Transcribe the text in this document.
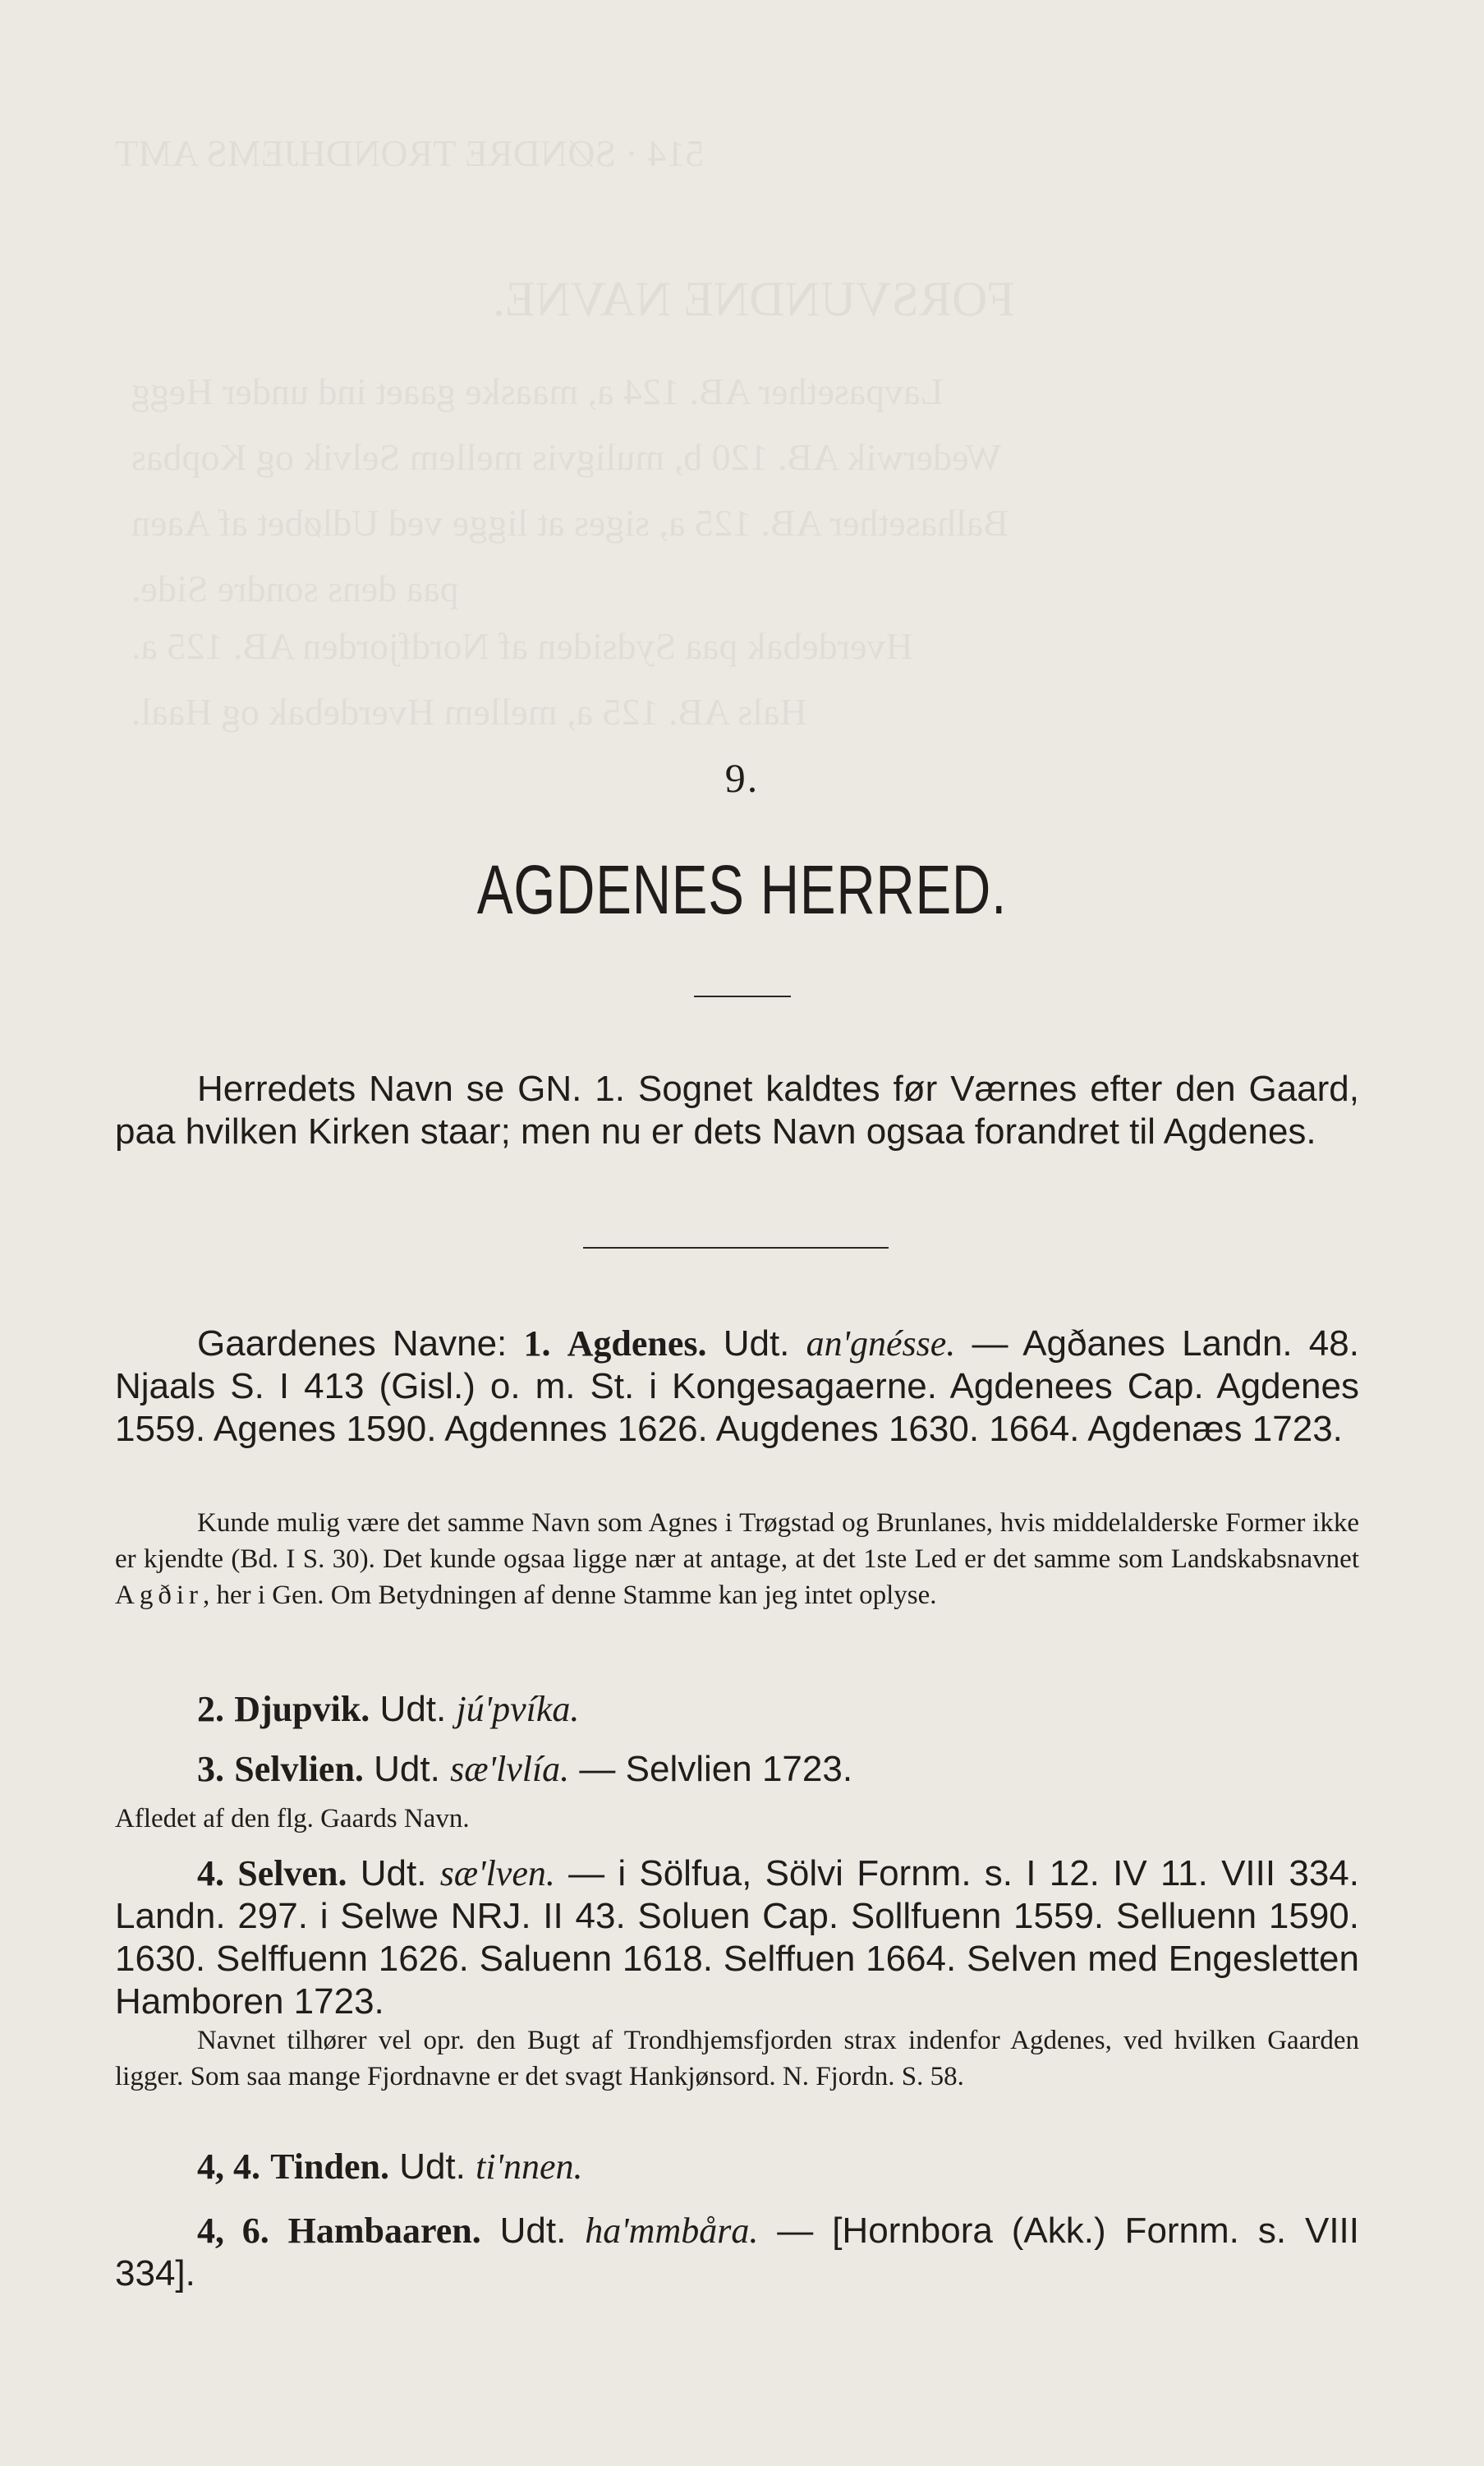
514 · SØNDRE TRONDHJEMS AMT
FORSVUNDNE NAVNE.
Lavpasether AB. 124 a, maaske gaaet ind under Hegg
Wederwik AB. 120 b, muligvis mellem Selvik og Kopbas
Balhasether AB. 125 a, siges at ligge ved Udløbet af Aaen
paa dens sondre Side.
Hverdebak paa Sydsiden af Nordfjorden AB. 125 a.
Hals AB. 125 a, mellem Hverdebak og Haal.
9.
AGDENES HERRED.
Herredets Navn se GN. 1. Sognet kaldtes før Værnes efter den Gaard, paa hvilken Kirken staar; men nu er dets Navn ogsaa forandret til Agdenes.
Gaardenes Navne: 1. Agdenes. Udt. an'gnésse. — Agðanes Landn. 48. Njaals S. I 413 (Gisl.) o. m. St. i Kongesagaerne. Agdenees Cap. Agdenes 1559. Agenes 1590. Agdennes 1626. Augdenes 1630. 1664. Agdenæs 1723.
Kunde mulig være det samme Navn som Agnes i Trøgstad og Brunlanes, hvis middelalderske Former ikke er kjendte (Bd. I S. 30). Det kunde ogsaa ligge nær at antage, at det 1ste Led er det samme som Landskabsnavnet Agðir, her i Gen. Om Betydningen af denne Stamme kan jeg intet oplyse.
2. Djupvik. Udt. jú'pvíka.
3. Selvlien. Udt. sæ'lvlía. — Selvlien 1723.
Afledet af den flg. Gaards Navn.
4. Selven. Udt. sæ'lven. — i Sölfua, Sölvi Fornm. s. I 12. IV 11. VIII 334. Landn. 297. i Selwe NRJ. II 43. Soluen Cap. Sollfuenn 1559. Selluenn 1590. 1630. Selffuenn 1626. Saluenn 1618. Selffuen 1664. Selven med Engesletten Hamboren 1723.
Navnet tilhører vel opr. den Bugt af Trondhjemsfjorden strax indenfor Agdenes, ved hvilken Gaarden ligger. Som saa mange Fjordnavne er det svagt Hankjønsord. N. Fjordn. S. 58.
4, 4. Tinden. Udt. ti'nnen.
4, 6. Hambaaren. Udt. ha'mmbåra. — [Hornbora (Akk.) Fornm. s. VIII 334].
